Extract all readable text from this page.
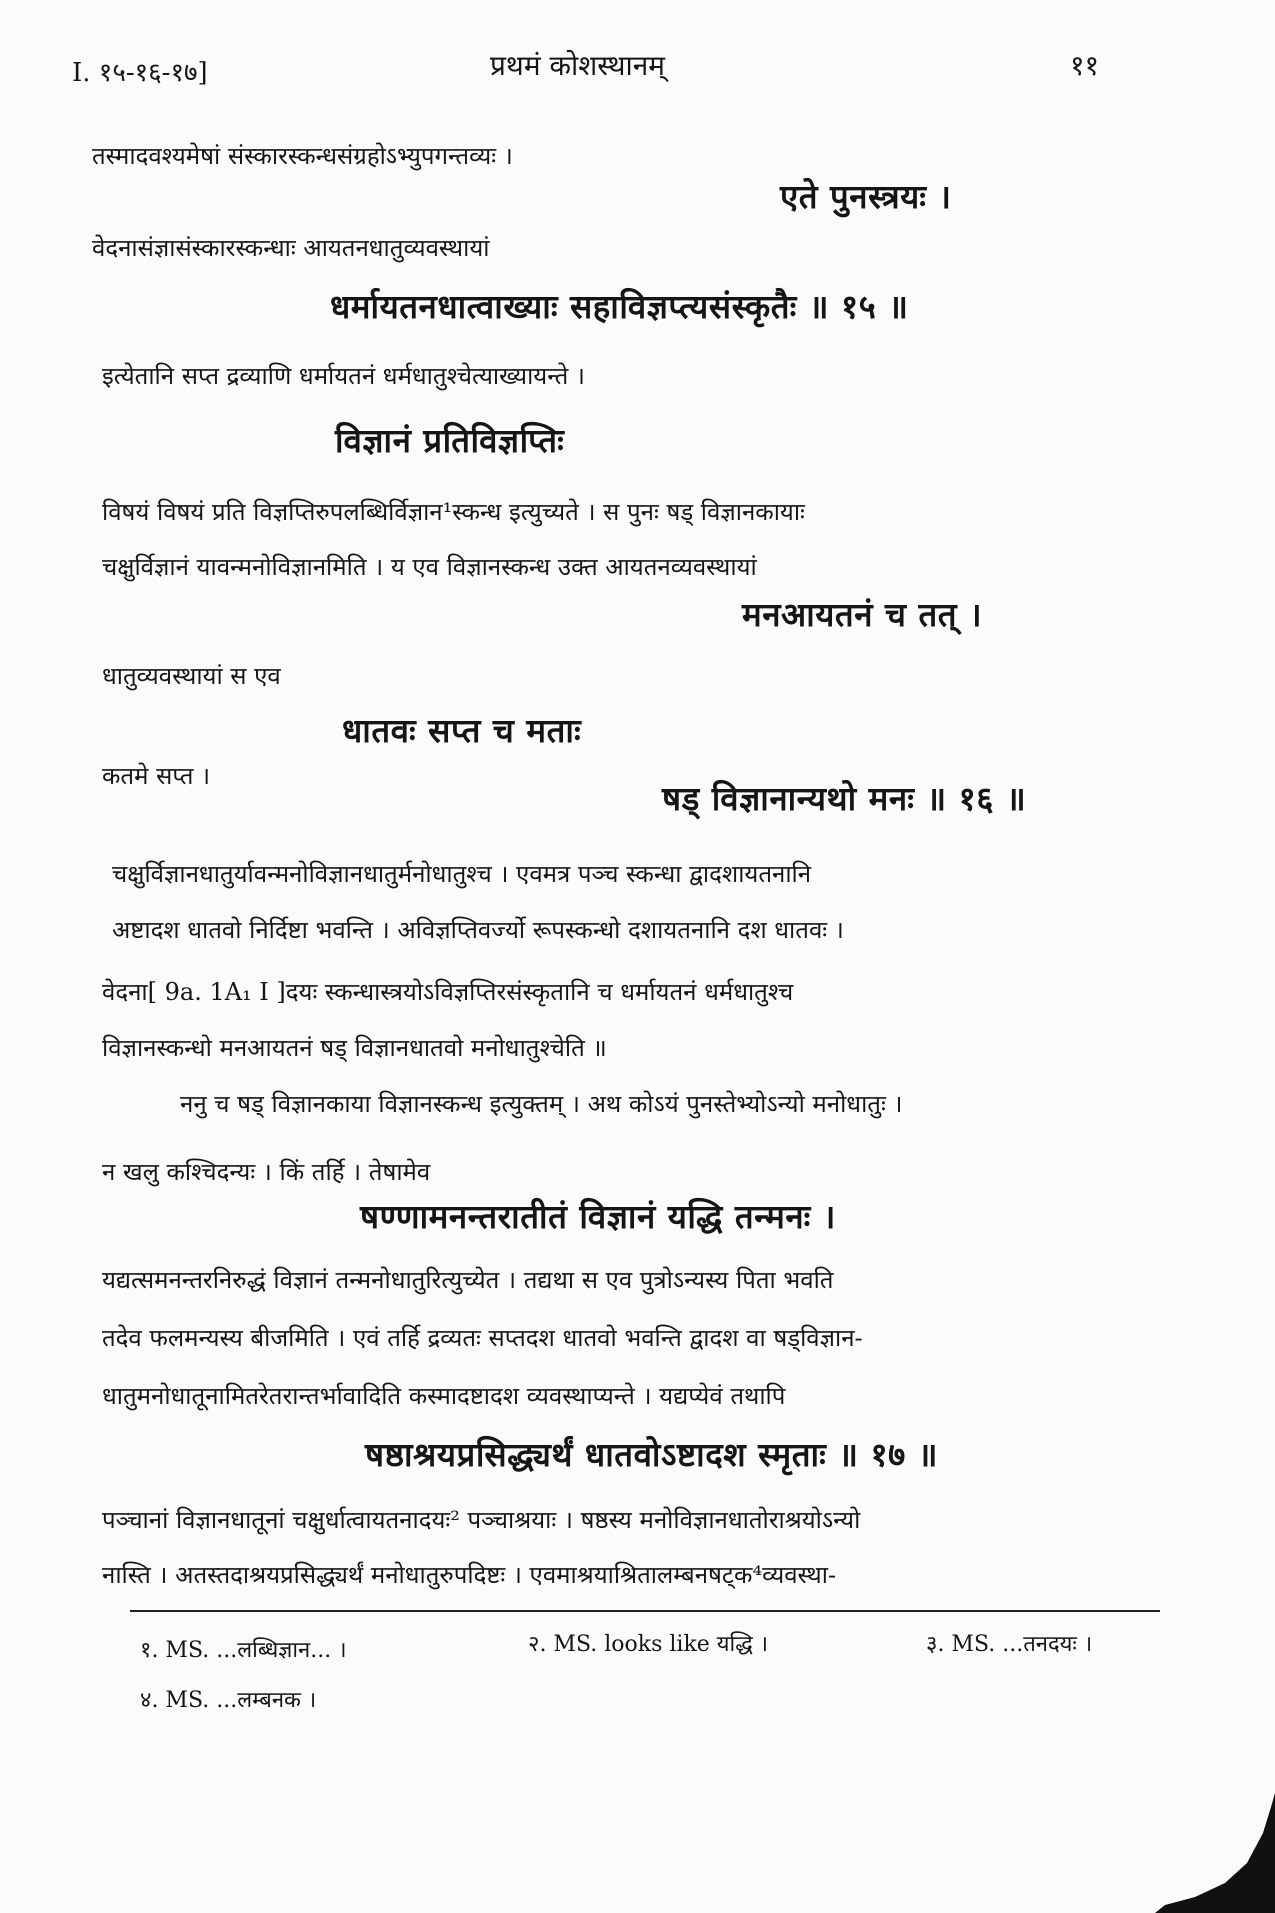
I. १५-१६-१७]	प्रथमं कोशस्थानम्	११
तस्मादवश्यमेषां संस्कारस्कन्धसंग्रहोऽभ्युपगन्तव्यः ।
एते पुनस्त्रयः ।
वेदनासंज्ञासंस्कारस्कन्धाः आयतनधातुव्यवस्थायां
धर्मायतनधात्वाख्याः सहाविज्ञप्त्यसंस्कृतैः ॥ १५ ॥
इत्येतानि सप्त द्रव्याणि धर्मायतनं धर्मधातुश्चेत्याख्यायन्ते ।
विज्ञानं प्रतिविज्ञप्तिः
विषयं विषयं प्रति विज्ञप्तिरुपलब्धिर्विज्ञान¹स्कन्ध इत्युच्यते । स पुनः षड् विज्ञानकायाः
चक्षुर्विज्ञानं यावन्मनोविज्ञानमिति । य एव विज्ञानस्कन्ध उक्त आयतनव्यवस्थायां
मनआयतनं च तत् ।
धातुव्यवस्थायां स एव
धातवः सप्त च मताः
कतमे सप्त ।
षड् विज्ञानान्यथो मनः ॥ १६ ॥
चक्षुर्विज्ञानधातुर्यावन्मनोविज्ञानधातुर्मनोधातुश्च । एवमत्र पञ्च स्कन्धा द्वादशायतनानि
अष्टादश धातवो निर्दिष्टा भवन्ति । अविज्ञप्तिवर्ज्यो रूपस्कन्धो दशायतनानि दश धातवः ।
वेदना[ 9a. 1A₁ I ]दयः स्कन्धास्त्रयोऽविज्ञप्तिरसंस्कृतानि च धर्मायतनं धर्मधातुश्च
विज्ञानस्कन्धो मनआयतनं षड् विज्ञानधातवो मनोधातुश्चेति ॥
ननु च षड् विज्ञानकाया विज्ञानस्कन्ध इत्युक्तम् । अथ कोऽयं पुनस्तेभ्योऽन्यो मनोधातुः ।
न खलु कश्चिदन्यः । किं तर्हि । तेषामेव
षण्णामनन्तरातीतं विज्ञानं यद्धि तन्मनः ।
यद्यत्समनन्तरनिरुद्धं विज्ञानं तन्मनोधातुरित्युच्येत । तद्यथा स एव पुत्रोऽन्यस्य पिता भवति
तदेव फलमन्यस्य बीजमिति । एवं तर्हि द्रव्यतः सप्तदश धातवो भवन्ति द्वादश वा षड्विज्ञान-
धातुमनोधातूनामितरेतरान्तर्भावादिति कस्मादष्टादश व्यवस्थाप्यन्ते । यद्यप्येवं तथापि
षष्ठाश्रयप्रसिद्ध्यर्थं धातवोऽष्टादश स्मृताः ॥ १७ ॥
पञ्चानां विज्ञानधातूनां चक्षुर्धात्वायतनादयः² पञ्चाश्रयाः । षष्ठस्य मनोविज्ञानधातोराश्रयोऽन्यो
नास्ति । अतस्तदाश्रयप्रसिद्ध्यर्थं मनोधातुरुपदिष्टः । एवमाश्रयाश्रितालम्बनषट्क⁴व्यवस्था-
१. MS. ...लब्धिज्ञान... ।	२. MS. looks like यद्धि ।	३. MS. ...तनदयः ।
४. MS. ...लम्बनक ।
